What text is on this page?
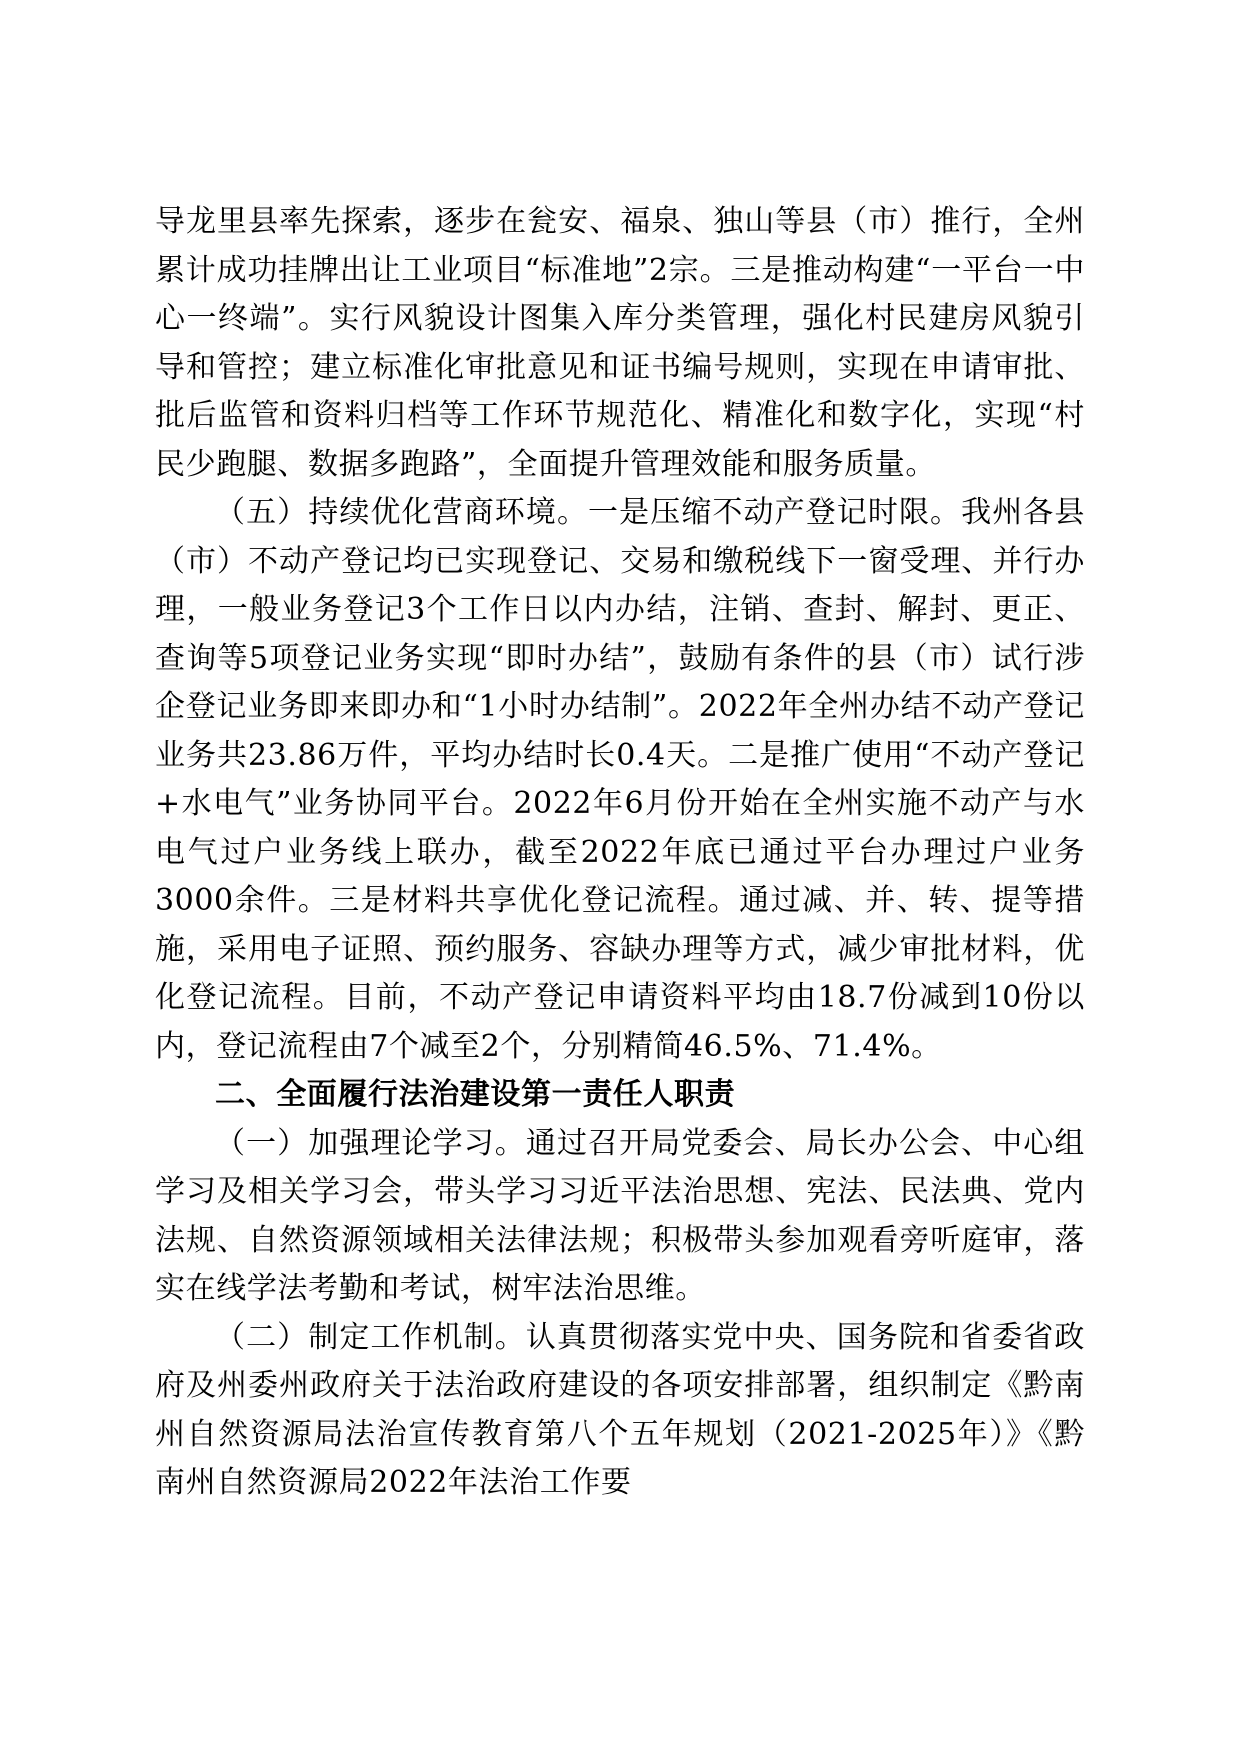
导龙里县率先探索，逐步在瓮安、福泉、独山等县（市）推行，全州累计成功挂牌出让工业项目“标准地”2宗。三是推动构建“一平台一中心一终端”。实行风貌设计图集入库分类管理，强化村民建房风貌引导和管控；建立标准化审批意见和证书编号规则，实现在申请审批、批后监管和资料归档等工作环节规范化、精准化和数字化，实现“村民少跑腿、数据多跑路”，全面提升管理效能和服务质量。

（五）持续优化营商环境。一是压缩不动产登记时限。我州各县（市）不动产登记均已实现登记、交易和缴税线下一窗受理、并行办理，一般业务登记3个工作日以内办结，注销、查封、解封、更正、查询等5项登记业务实现“即时办结”，鼓励有条件的县（市）试行涉企登记业务即来即办和“1小时办结制”。2022年全州办结不动产登记业务共23.86万件，平均办结时长0.4天。二是推广使用“不动产登记+水电气”业务协同平台。2022年6月份开始在全州实施不动产与水电气过户业务线上联办，截至2022年底已通过平台办理过户业务3000余件。三是材料共享优化登记流程。通过减、并、转、提等措施，采用电子证照、预约服务、容缺办理等方式，减少审批材料，优化登记流程。目前，不动产登记申请资料平均由18.7份减到10份以内，登记流程由7个减至2个，分别精简46.5%、71.4%。

二、全面履行法治建设第一责任人职责

（一）加强理论学习。通过召开局党委会、局长办公会、中心组学习及相关学习会，带头学习习近平法治思想、宪法、民法典、党内法规、自然资源领域相关法律法规；积极带头参加观看旁听庭审，落实在线学法考勤和考试，树牢法治思维。

（二）制定工作机制。认真贯彻落实党中央、国务院和省委省政府及州委州政府关于法治政府建设的各项安排部署，组织制定《黔南州自然资源局法治宣传教育第八个五年规划（2021-2025年）》《黔南州自然资源局2022年法治工作要
